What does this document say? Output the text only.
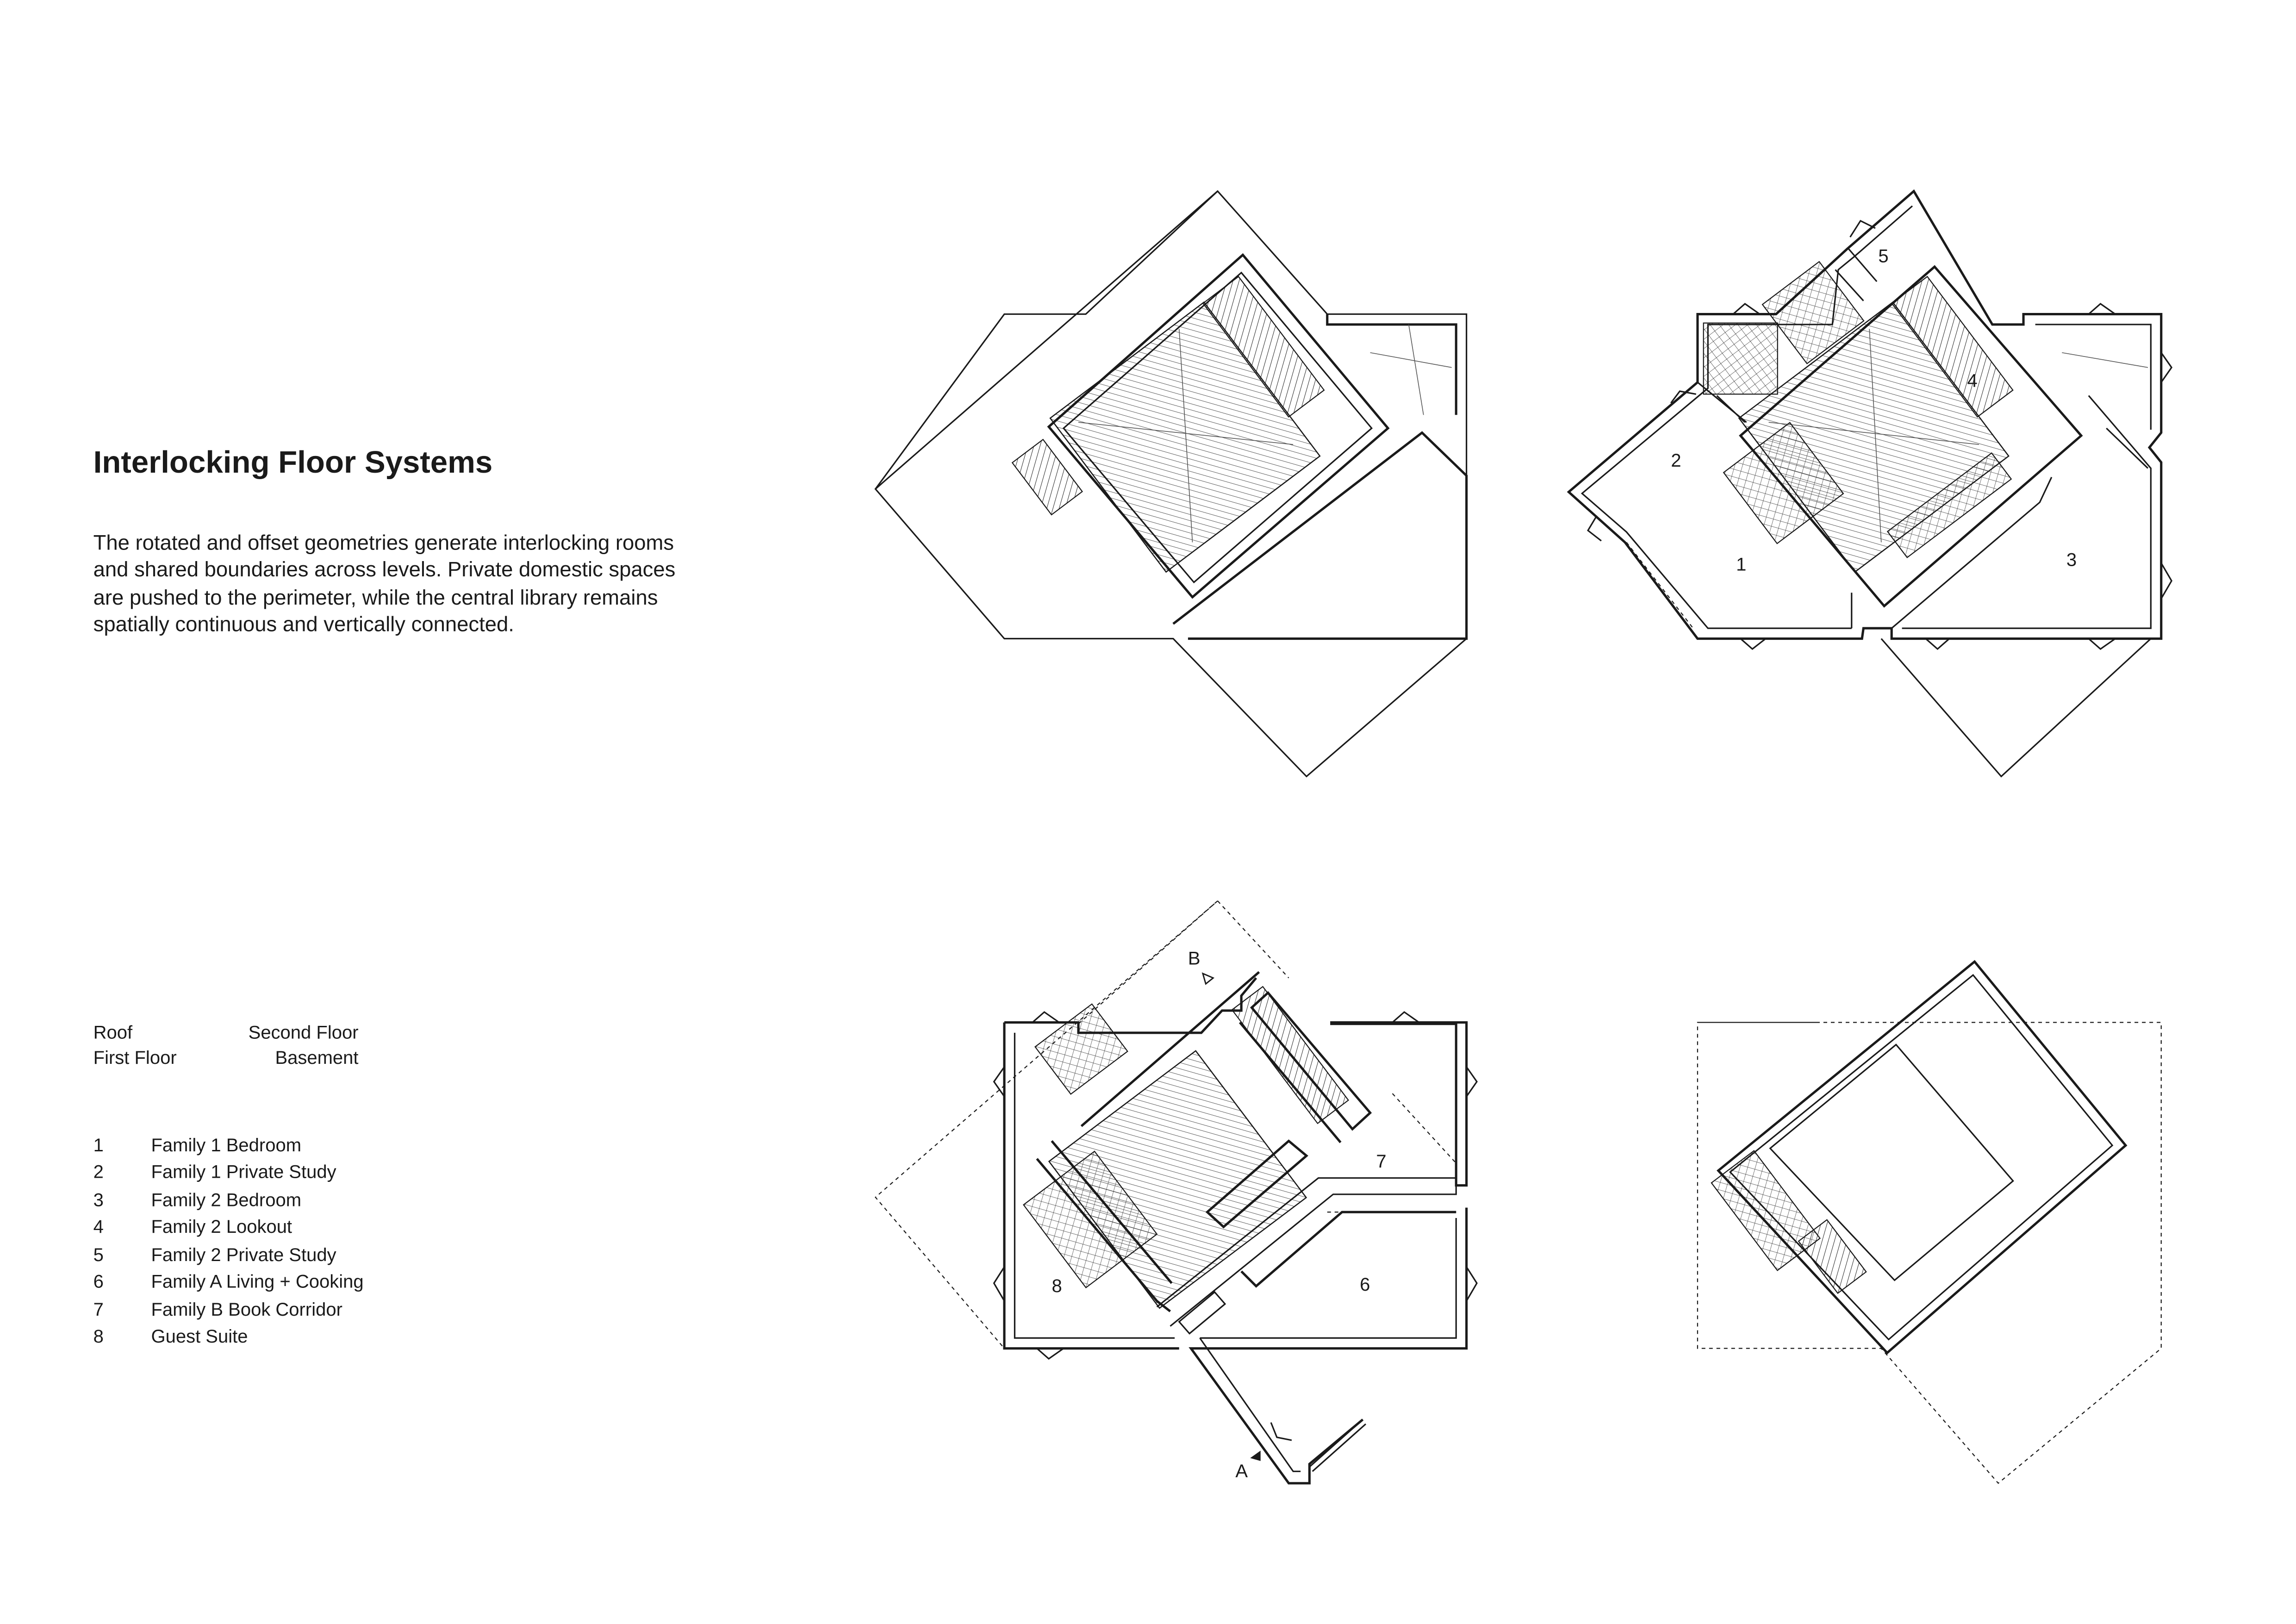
Interlocking Floor Systems
The rotated and offset geometries generate interlocking rooms
and shared boundaries across levels. Private domestic spaces
are pushed to the perimeter, while the central library remains
spatially continuous and vertically connected.
Roof	Second Floor
First Floor	Basement
1	Family 1 Bedroom
2	Family 1 Private Study
3	Family 2 Bedroom
4	Family 2 Lookout
5	Family 2 Private Study
6	Family A Living + Cooking
7	Family B Book Corridor
8	Guest Suite
1
2
3
4
5
6
7
8
A
B
